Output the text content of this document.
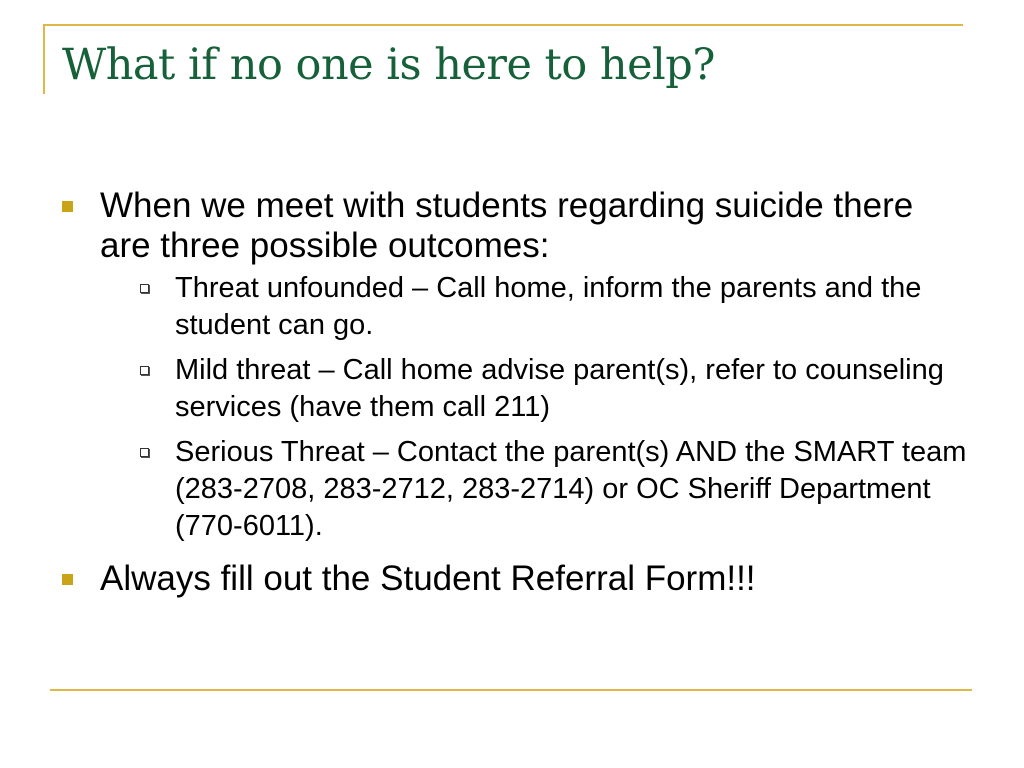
What if no one is here to help?
When we meet with students regarding suicide there are three possible outcomes:
Threat unfounded – Call home, inform the parents and the student can go.
Mild threat – Call home advise parent(s), refer to counseling services (have them call 211)
Serious Threat – Contact the parent(s) AND the SMART team (283-2708, 283-2712, 283-2714) or OC Sheriff Department (770-6011).
Always fill out the Student Referral Form!!!
